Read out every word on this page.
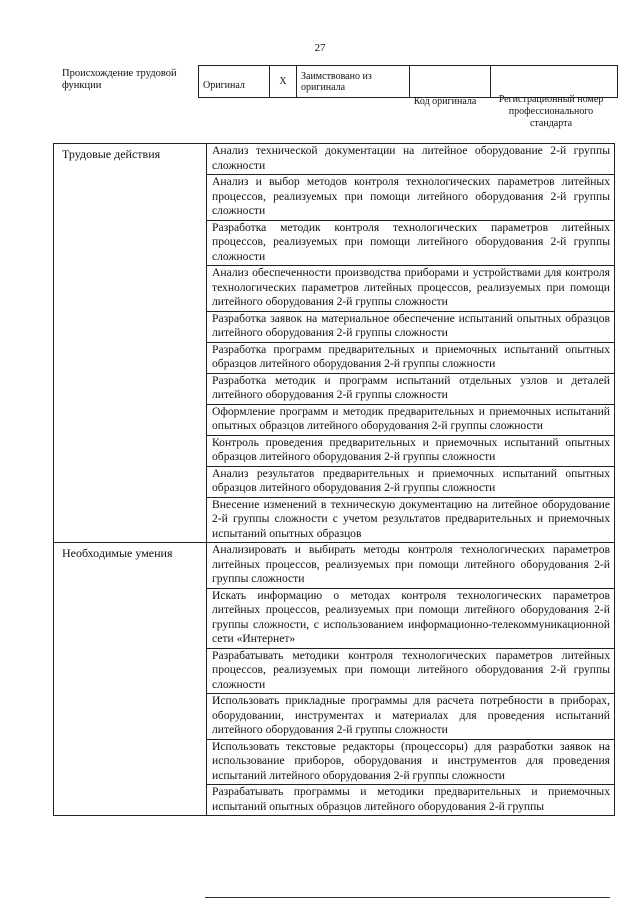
27
Происхождение трудовой функции	Оригинал	X	Заимствовано из оригинала		
Код оригинала	Регистрационный номер профессионального стандарта
Трудовые действия	Анализ технической документации на литейное оборудование 2-й группы сложности
	Анализ и выбор методов контроля технологических параметров литейных процессов, реализуемых при помощи литейного оборудования 2-й группы сложности
	Разработка методик контроля технологических параметров литейных процессов, реализуемых при помощи литейного оборудования 2-й группы сложности
	Анализ обеспеченности производства приборами и устройствами для контроля технологических параметров литейных процессов, реализуемых при помощи литейного оборудования 2-й группы сложности
	Разработка заявок на материальное обеспечение испытаний опытных образцов литейного оборудования 2-й группы сложности
	Разработка программ предварительных и приемочных испытаний опытных образцов литейного оборудования 2-й группы сложности
	Разработка методик и программ испытаний отдельных узлов и деталей литейного оборудования 2-й группы сложности
	Оформление программ и методик предварительных и приемочных испытаний опытных образцов литейного оборудования 2-й группы сложности
	Контроль проведения предварительных и приемочных испытаний опытных образцов литейного оборудования 2-й группы сложности
	Анализ результатов предварительных и приемочных испытаний опытных образцов литейного оборудования 2-й группы сложности
	Внесение изменений в техническую документацию на литейное оборудование 2-й группы сложности с учетом результатов предварительных и приемочных испытаний опытных образцов
Необходимые умения	Анализировать и выбирать методы контроля технологических параметров литейных процессов, реализуемых при помощи литейного оборудования 2-й группы сложности
	Искать информацию о методах контроля технологических параметров литейных процессов, реализуемых при помощи литейного оборудования 2-й группы сложности, с использованием информационно-телекоммуникационной сети «Интернет»
	Разрабатывать методики контроля технологических параметров литейных процессов, реализуемых при помощи литейного оборудования 2-й группы сложности
	Использовать прикладные программы для расчета потребности в приборах, оборудовании, инструментах и материалах для проведения испытаний литейного оборудования 2-й группы сложности
	Использовать текстовые редакторы (процессоры) для разработки заявок на использование приборов, оборудования и инструментов для проведения испытаний литейного оборудования 2-й группы сложности
	Разрабатывать программы и методики предварительных и приемочных испытаний опытных образцов литейного оборудования 2-й группы
